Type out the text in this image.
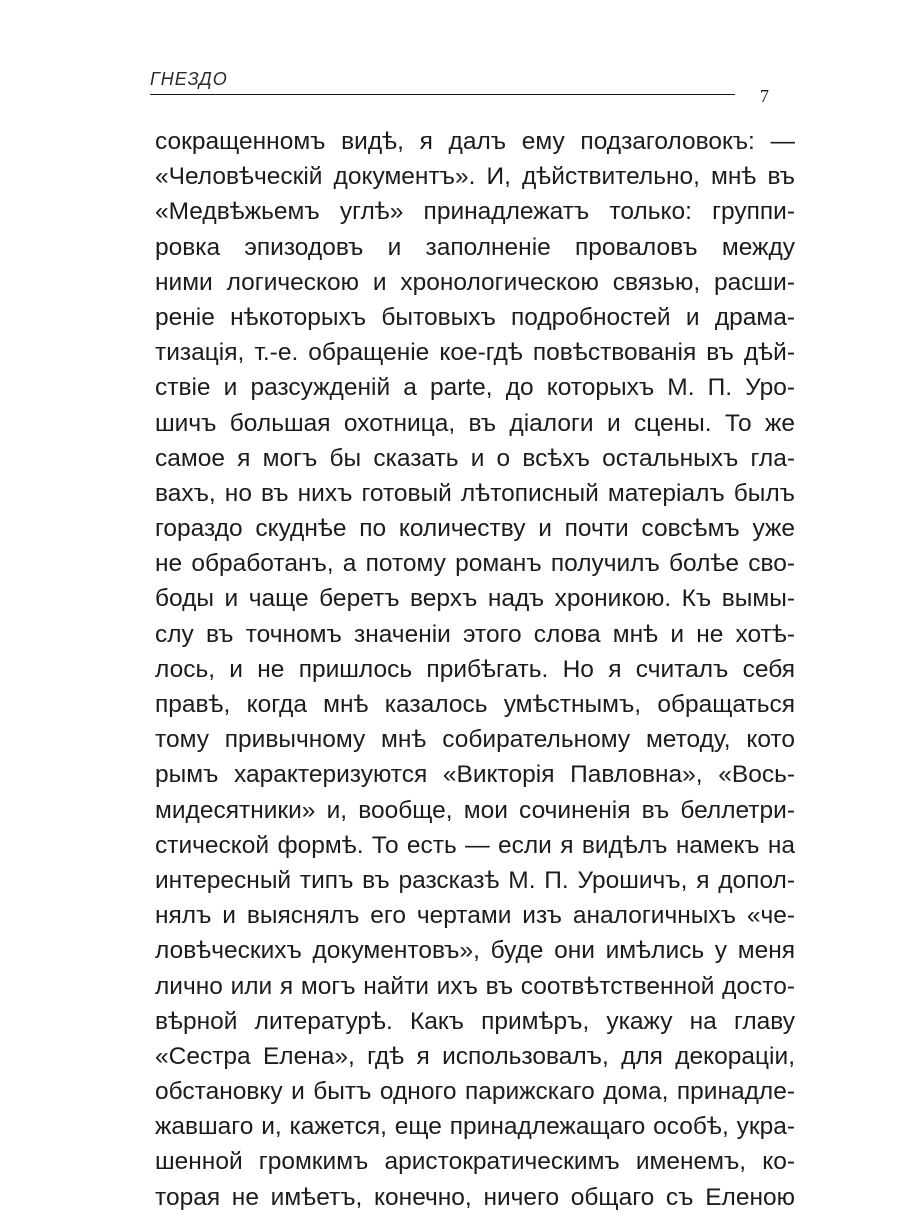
ГНЕЗДО
7
сокращенномъ видѣ, я далъ ему подзаголовокъ: —
«Человѣческій документъ». И, дѣйствительно, мнѣ въ
«Медвѣжьемъ углѣ» принадлежатъ только: группи-
ровка эпизодовъ и заполненіе проваловъ между
ними логическою и хронологическою связью, расши-
реніе нѣкоторыхъ бытовыхъ подробностей и драма-
тизація, т.-е. обращеніе кое-гдѣ повѣствованія въ дѣй-
ствіе и разсужденій a parte, до которыхъ М. П. Уро-
шичъ большая охотница, въ діалоги и сцены. То же
самое я могъ бы сказать и о всѣхъ остальныхъ гла-
вахъ, но въ нихъ готовый лѣтописный матеріалъ былъ
гораздо скуднѣе по количеству и почти совсѣмъ уже
не обработанъ, а потому романъ получилъ болѣе сво-
боды и чаще беретъ верхъ надъ хроникою. Къ вымы-
слу въ точномъ значеніи этого слова мнѣ и не хотѣ-
лось, и не пришлось прибѣгать. Но я считалъ себя
правѣ, когда мнѣ казалось умѣстнымъ, обращаться
тому привычному мнѣ собирательному методу, кото
рымъ характеризуются «Викторія Павловна», «Вось-
мидесятники» и, вообще, мои сочиненія въ беллетри-
стической формѣ. То есть — если я видѣлъ намекъ на
интересный типъ въ разсказѣ М. П. Урошичъ, я допол-
нялъ и выяснялъ его чертами изъ аналогичныхъ «че-
ловѣческихъ документовъ», буде они имѣлись у меня
лично или я могъ найти ихъ въ соотвѣтственной досто-
вѣрной литературѣ. Какъ примѣръ, укажу на главу
«Сестра Елена», гдѣ я использовалъ, для декораціи,
обстановку и бытъ одного парижскаго дома, принадле-
жавшаго и, кажется, еще принадлежащаго особѣ, укра-
шенной громкимъ аристократическимъ именемъ, ко-
торая не имѣетъ, конечно, ничего общаго съ Еленою
